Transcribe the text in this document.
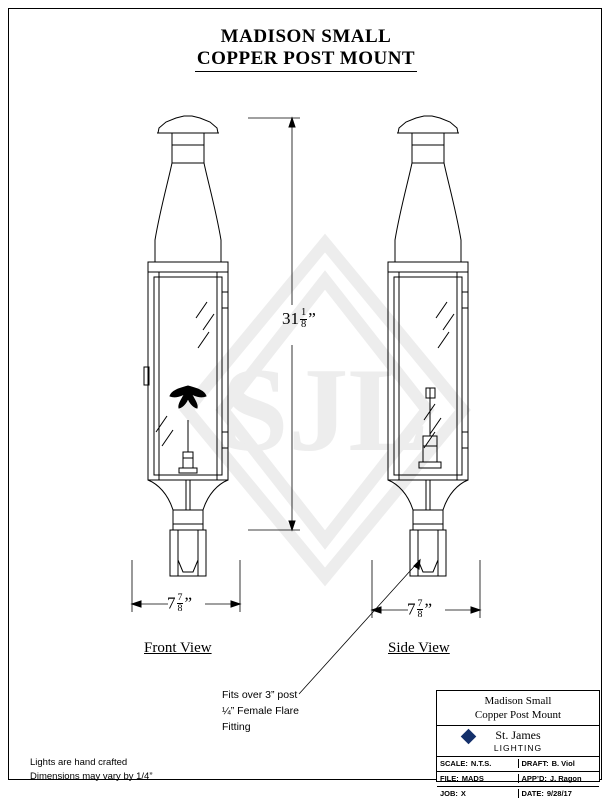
MADISON SMALL
COPPER POST MOUNT
SJL
$31 \frac{1}{8}$ ”
$7 \frac{7}{8}$ ”	$7 \frac{7}{8}$ ”
Front View	Side View
Fits over 3” post
¼” Female Flare
Fitting
Lights are hand crafted
Dimensions may vary by 1/4”
Madison Small
Copper Post Mount
St. James
LIGHTING
SCALE: N.T.S.	DRAFT: B. Viol
FILE: MADS	APP’D: J. Ragon
JOB: X	DATE: 9/28/17
